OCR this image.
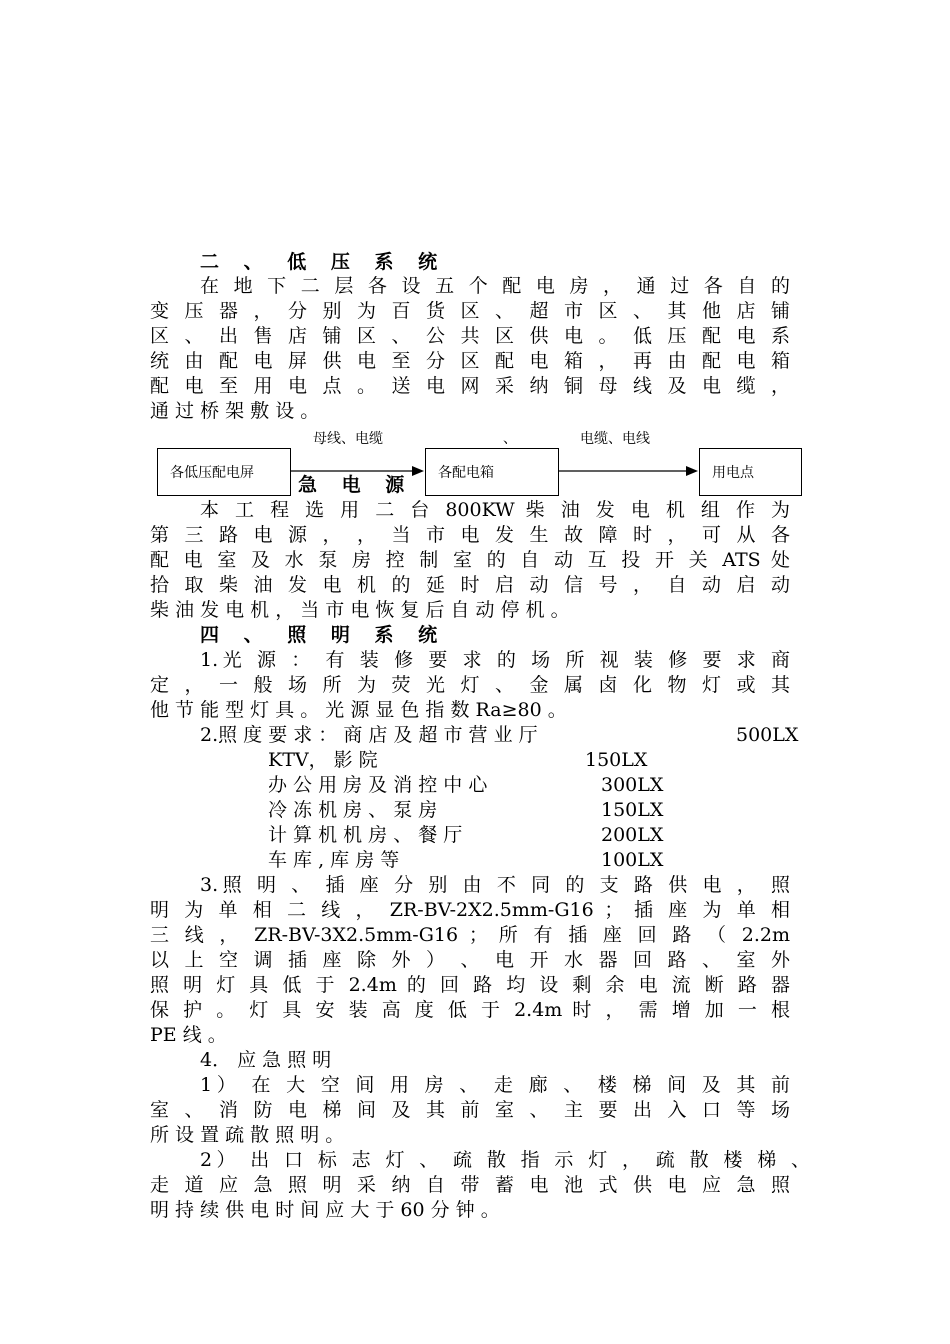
二 、 低 压 系 统
在 地 下 二 层 各 设 五 个 配 电 房 ， 通 过 各 自 的
变 压 器 ， 分 别 为 百 货 区 、 超 市 区 、 其 他 店 铺
区 、 出 售 店 铺 区 、 公 共 区 供 电 。 低 压 配 电 系
统 由 配 电 屏 供 电 至 分 区 配 电 箱 ， 再 由 配 电 箱
配 电 至 用 电 点 。 送 电 网 采 纳 铜 母 线 及 电 缆 ，
通 过 桥 架 敷 设 。
各低压配电屏	各配电箱	用电点
母线、电缆	、	电缆、电线
急 电 源
本 工 程 选 用 二 台 800KW 柴 油 发 电 机 组 作 为
第 三 路 电 源 ， ， 当 市 电 发 生 故 障 时 ， 可 从 各
配 电 室 及 水 泵 房 控 制 室 的 自 动 互 投 开 关 ATS 处
拾 取 柴 油 发 电 机 的 延 时 启 动 信 号 ， 自 动 启 动
柴 油 发 电 机 ， 当 市 电 恢 复 后 自 动 停 机 。
四 、 照 明 系 统
1.光 源 ： 有 装 修 要 求 的 场 所 视 装 修 要 求 商
定 ， 一 般 场 所 为 荧 光 灯 、 金 属 卤 化 物 灯 或 其
他 节 能 型 灯 具 。 光 源 显 色 指 数 Ra≥80 。
2.照 度 要 求 ： 商 店 及 超 市 营 业 厅	500LX
KTV， 影 院	150LX
办 公 用 房 及 消 控 中 心	300LX
冷 冻 机 房 、 泵 房	150LX
计 算 机 机 房 、 餐 厅	200LX
车 库 , 库 房 等	100LX
3.照 明 、 插 座 分 别 由 不 同 的 支 路 供 电 ， 照
明 为 单 相 二 线 ， ZR-BV-2X2.5mm-G16 ； 插 座 为 单 相
三 线 ， ZR-BV-3X2.5mm-G16 ； 所 有 插 座 回 路 （ 2.2m
以 上 空 调 插 座 除 外 ） 、 电 开 水 器 回 路 、 室 外
照 明 灯 具 低 于 2.4m 的 回 路 均 设 剩 余 电 流 断 路 器
保 护 。 灯 具 安 装 高 度 低 于 2.4m 时 ， 需 增 加 一 根
PE 线 。
4． 应 急 照 明
1） 在 大 空 间 用 房 、 走 廊 、 楼 梯 间 及 其 前
室 、 消 防 电 梯 间 及 其 前 室 、 主 要 出 入 口 等 场
所 设 置 疏 散 照 明 。
2） 出 口 标 志 灯 、 疏 散 指 示 灯 ， 疏 散 楼 梯 、
走 道 应 急 照 明 采 纳 自 带 蓄 电 池 式 供 电 应 急 照
明 持 续 供 电 时 间 应 大 于 60 分 钟 。
